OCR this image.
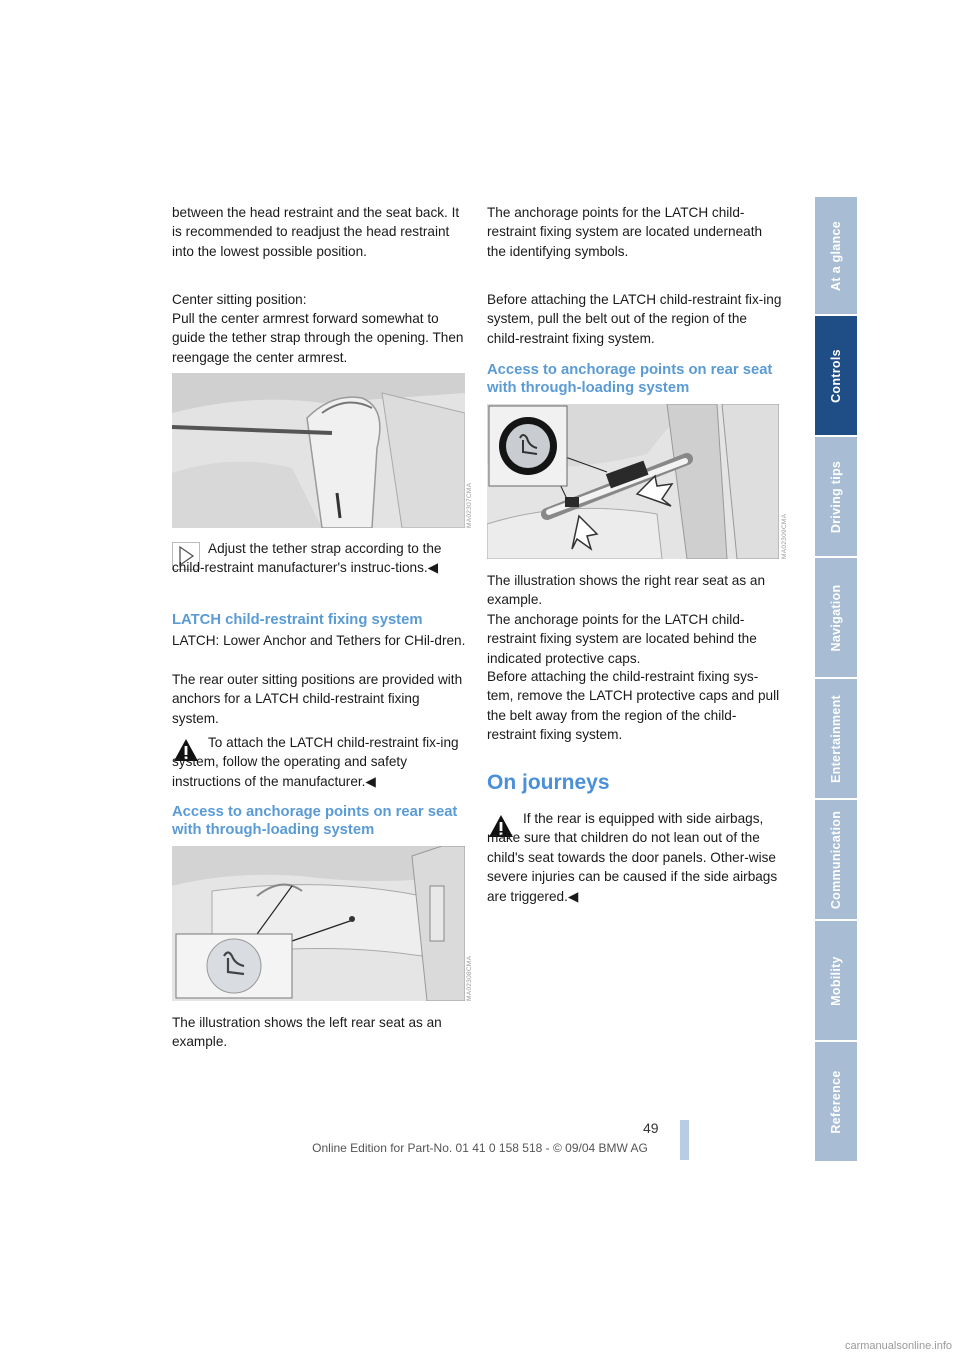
between the head restraint and the seat back. It is recommended to readjust the head restraint into the lowest possible position.

Center sitting position:

Pull the center armrest forward somewhat to guide the tether strap through the opening. Then reengage the center armrest.

MA02307CMA

Adjust the tether strap according to the child-restraint manufacturer's instruc-tions.◀

LATCH child-restraint fixing system

LATCH: Lower Anchor and Tethers for CHil-dren.

The rear outer sitting positions are provided with anchors for a LATCH child-restraint fixing system.

To attach the LATCH child-restraint fix-ing system, follow the operating and safety instructions of the manufacturer.◀

Access to anchorage points on rear seat with through-loading system
MA02308CMA

The illustration shows the left rear seat as an example.

The anchorage points for the LATCH child-restraint fixing system are located underneath the identifying symbols.

Before attaching the LATCH child-restraint fix-ing system, pull the belt out of the region of the child-restraint fixing system.

Access to anchorage points on rear seat with through-loading system
MA02309CMA

The illustration shows the right rear seat as an example.

The anchorage points for the LATCH child-restraint fixing system are located behind the indicated protective caps.

Before attaching the child-restraint fixing sys-tem, remove the LATCH protective caps and pull the belt away from the region of the child-restraint fixing system.

On journeys

If the rear is equipped with side airbags, make sure that children do not lean out of the child's seat towards the door panels. Other-wise severe injuries can be caused if the side airbags are triggered.◀

At a glance
Controls
Driving tips
Navigation
Entertainment
Communication
Mobility
Reference
49
Online Edition for Part-No. 01 41 0 158 518 - © 09/04 BMW AG
carmanualsonline.info
